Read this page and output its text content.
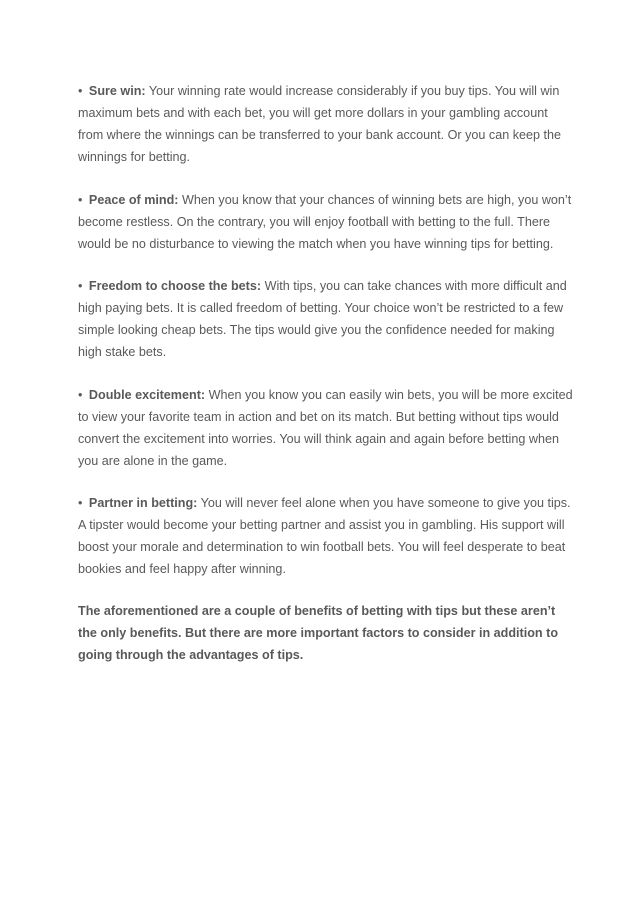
• Sure win: Your winning rate would increase considerably if you buy tips. You will win maximum bets and with each bet, you will get more dollars in your gambling account from where the winnings can be transferred to your bank account. Or you can keep the winnings for betting.

• Peace of mind: When you know that your chances of winning bets are high, you won’t become restless. On the contrary, you will enjoy football with betting to the full. There would be no disturbance to viewing the match when you have winning tips for betting.

• Freedom to choose the bets: With tips, you can take chances with more difficult and high paying bets. It is called freedom of betting. Your choice won’t be restricted to a few simple looking cheap bets. The tips would give you the confidence needed for making high stake bets.

• Double excitement: When you know you can easily win bets, you will be more excited to view your favorite team in action and bet on its match. But betting without tips would convert the excitement into worries. You will think again and again before betting when you are alone in the game.

• Partner in betting: You will never feel alone when you have someone to give you tips. A tipster would become your betting partner and assist you in gambling. His support will boost your morale and determination to win football bets. You will feel desperate to beat bookies and feel happy after winning.

The aforementioned are a couple of benefits of betting with tips but these aren’t the only benefits. But there are more important factors to consider in addition to going through the advantages of tips.
